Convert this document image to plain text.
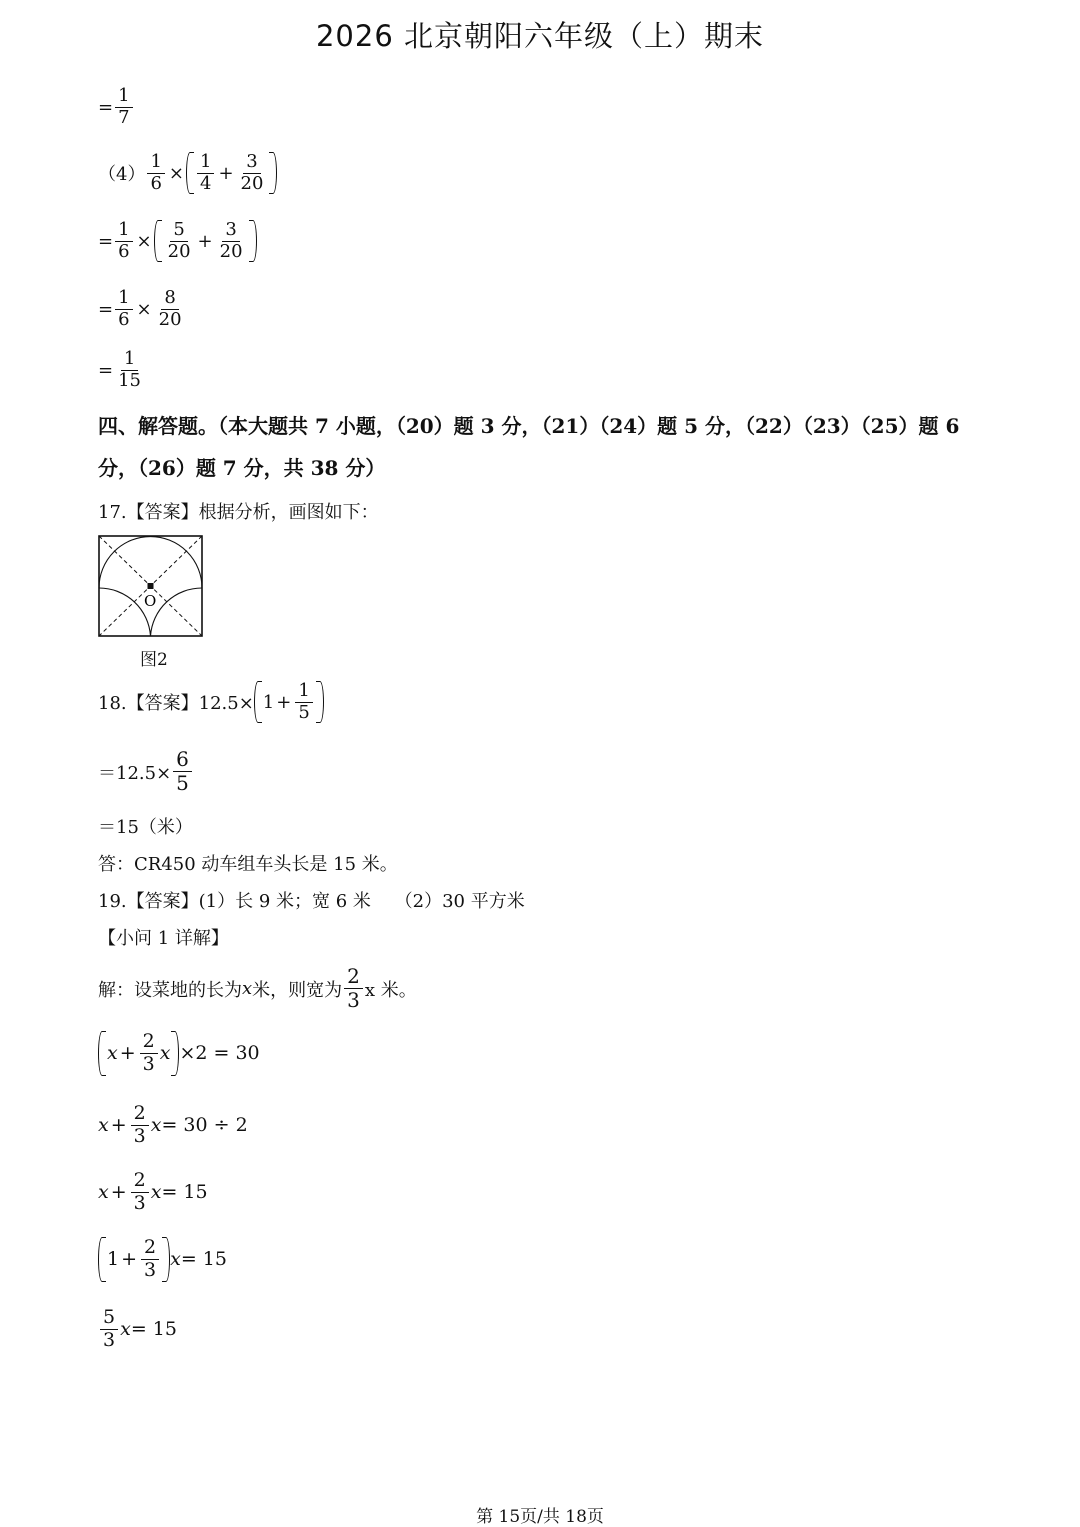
2026 北京朝阳六年级（上）期末
= $\frac{1}{7}$
$(4) \frac{1}{6} \times \frac{1}{4} + \frac{3}{20}$
= $\frac{1}{6} \times \frac{5}{20} + \frac{3}{20}$
= $\frac{1}{6} \times \frac{8}{20}$
= $\frac{1}{15}$
四、解答题。（本大题共 7 小题，（20）题 3 分，（21）（24）题 5 分，（22）（23）（25）题 6 分，（26）题 7 分，共 38 分）
17.【答案】根据分析，画图如下：
O
图2
18.【答案】$12.5\times 1 + \frac{1}{5}$
$=12.5\times \frac{6}{5}$
＝15（米）
答：CR450 动车组车头长是 15 米。
19.【答案】(1）长 9 米；宽 6 米　 （2）30 平方米
【小问 1 详解】
解：设菜地的长为 x 米，则宽为 $\frac{2}{3}$ x 米。
$x + \frac{2}{3}$ x ×2 = 30
$x + \frac{2}{3}$ x = 30 ÷ 2
$x + \frac{2}{3}$ x = 15
$1 + \frac{2}{3}$ x = 15
$\frac{5}{3}$ x = 15
第 15页/共 18页
